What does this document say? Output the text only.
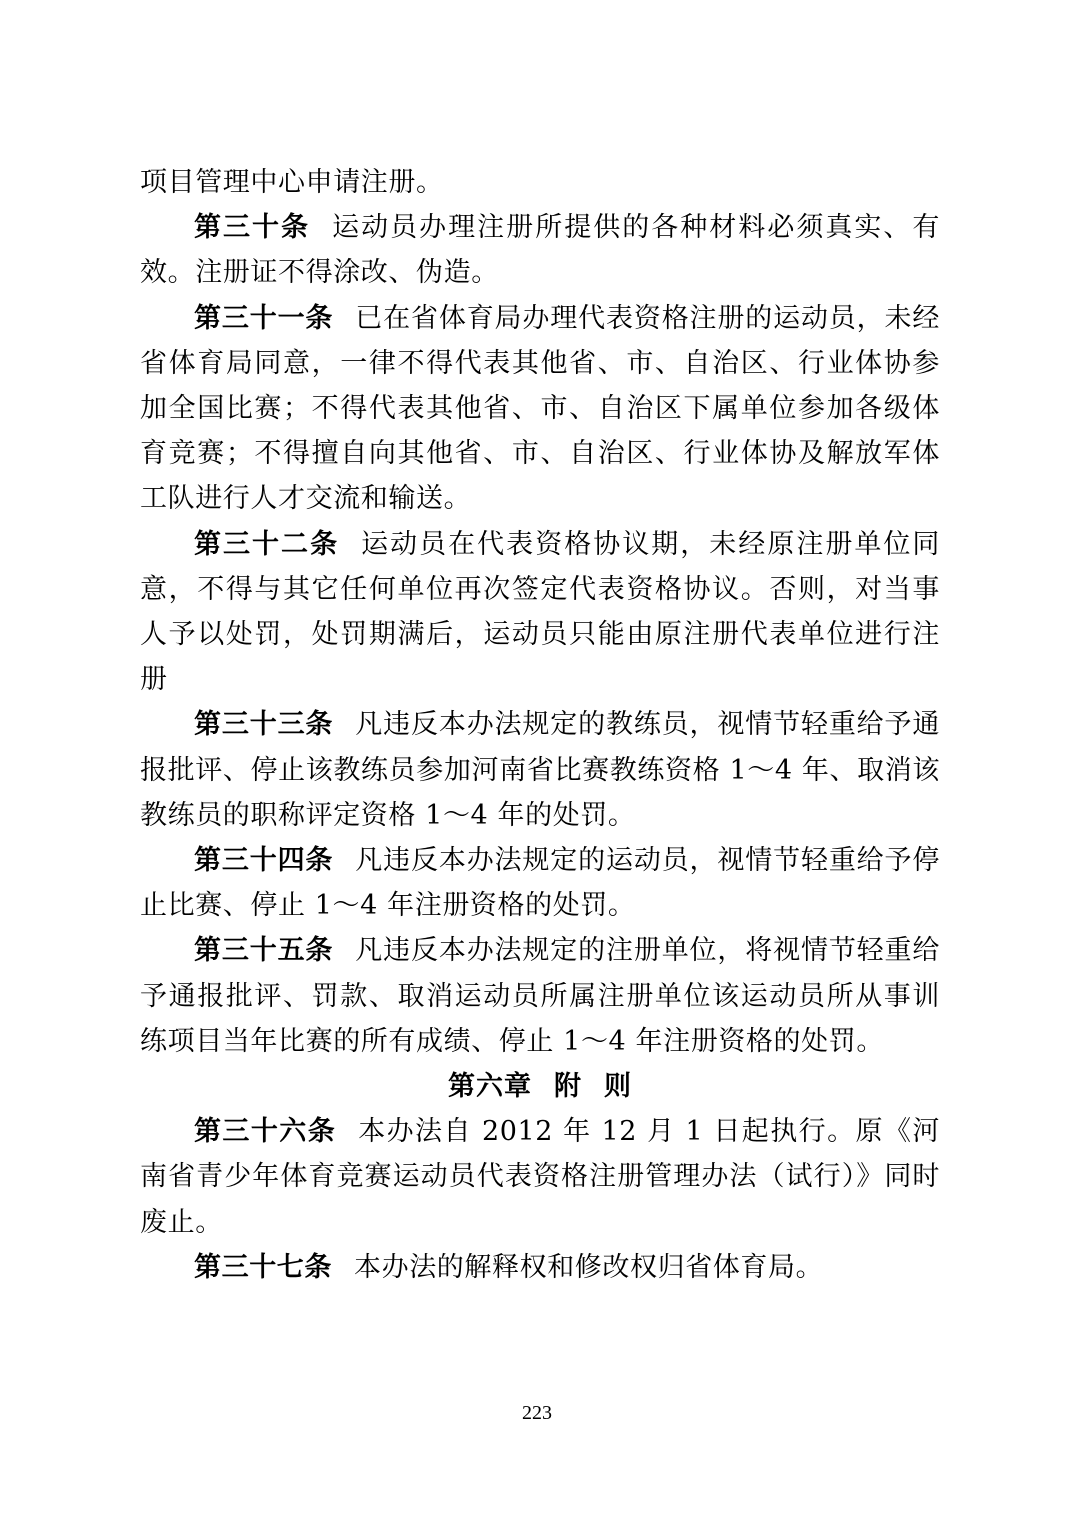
项目管理中心申请注册。

第三十条 运动员办理注册所提供的各种材料必须真实、有效。注册证不得涂改、伪造。

第三十一条 已在省体育局办理代表资格注册的运动员，未经省体育局同意，一律不得代表其他省、市、自治区、行业体协参加全国比赛；不得代表其他省、市、自治区下属单位参加各级体育竞赛；不得擅自向其他省、市、自治区、行业体协及解放军体工队进行人才交流和输送。

第三十二条 运动员在代表资格协议期，未经原注册单位同意，不得与其它任何单位再次签定代表资格协议。否则，对当事人予以处罚，处罚期满后，运动员只能由原注册代表单位进行注册

第三十三条 凡违反本办法规定的教练员，视情节轻重给予通报批评、停止该教练员参加河南省比赛教练资格 1～4 年、取消该教练员的职称评定资格 1～4 年的处罚。

第三十四条 凡违反本办法规定的运动员，视情节轻重给予停止比赛、停止 1～4 年注册资格的处罚。

第三十五条 凡违反本办法规定的注册单位，将视情节轻重给予通报批评、罚款、取消运动员所属注册单位该运动员所从事训练项目当年比赛的所有成绩、停止 1～4 年注册资格的处罚。

第六章 附 则

第三十六条 本办法自 2012 年 12 月 1 日起执行。原《河南省青少年体育竞赛运动员代表资格注册管理办法（试行）》同时废止。

第三十七条 本办法的解释权和修改权归省体育局。

223
